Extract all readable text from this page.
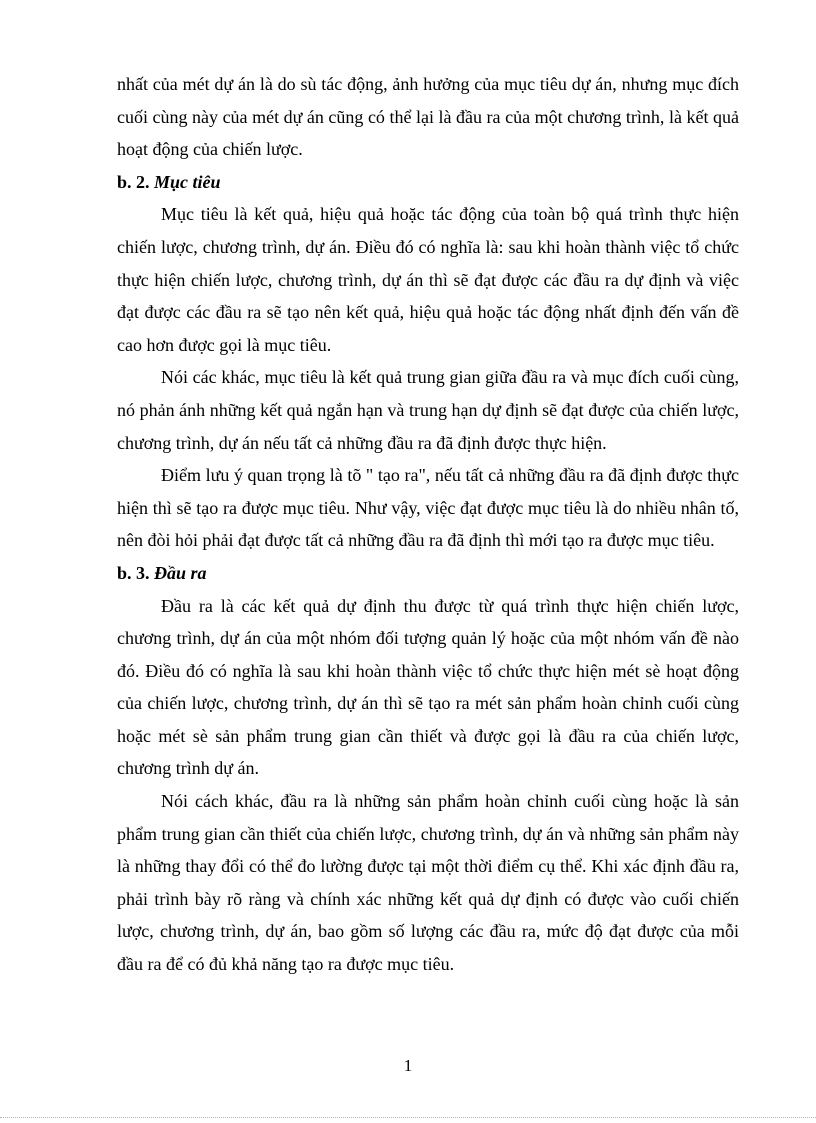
nhất của mét dự án là do sù tác động, ảnh hưởng của mục tiêu dự án, nhưng mục đích cuối cùng này của mét dự án cũng có thể lại là đầu ra của một chương trình, là kết quả hoạt động của chiến lược.

b. 2. Mục tiêu

Mục tiêu là kết quả, hiệu quả hoặc tác động của toàn bộ quá trình thực hiện chiến lược, chương trình, dự án. Điều đó có nghĩa là: sau khi hoàn thành việc tổ chức thực hiện chiến lược, chương trình, dự án thì sẽ đạt được các đầu ra dự định và việc đạt được các đầu ra sẽ tạo nên kết quả, hiệu quả hoặc tác động nhất định đến vấn đề cao hơn được gọi là mục tiêu.

Nói các khác, mục tiêu là kết quả trung gian giữa đầu ra và mục đích cuối cùng, nó phản ánh những kết quả ngắn hạn và trung hạn dự định sẽ đạt được của chiến lược, chương trình, dự án nếu tất cả những đầu ra đã định được thực hiện.

Điểm lưu ý quan trọng là tõ " tạo ra", nếu tất cả những đầu ra đã định được thực hiện thì sẽ tạo ra được mục tiêu. Như vậy, việc đạt được mục tiêu là do nhiều nhân tố, nên đòi hỏi phải đạt được tất cả những đầu ra đã định thì mới tạo ra được mục tiêu.

b. 3. Đầu ra

Đầu ra là các kết quả dự định thu được từ quá trình thực hiện chiến lược, chương trình, dự án của một nhóm đối tượng quản lý hoặc của một nhóm vấn đề nào đó. Điều đó có nghĩa là sau khi hoàn thành việc tổ chức thực hiện mét sè hoạt động của chiến lược, chương trình, dự án thì sẽ tạo ra mét sản phẩm hoàn chỉnh cuối cùng hoặc mét sè sản phẩm trung gian cần thiết và được gọi là đầu ra của chiến lược, chương trình dự án.

Nói cách khác, đầu ra là những sản phẩm hoàn chỉnh cuối cùng hoặc là sản phẩm trung gian cần thiết của chiến lược, chương trình, dự án và những sản phẩm này là những thay đổi có thể đo lường được tại một thời điểm cụ thể. Khi xác định đầu ra, phải trình bày rõ ràng và chính xác những kết quả dự định có được vào cuối chiến lược, chương trình, dự án, bao gồm số lượng các đầu ra, mức độ đạt được của mỗi đầu ra để có đủ khả năng tạo ra được mục tiêu.

1
